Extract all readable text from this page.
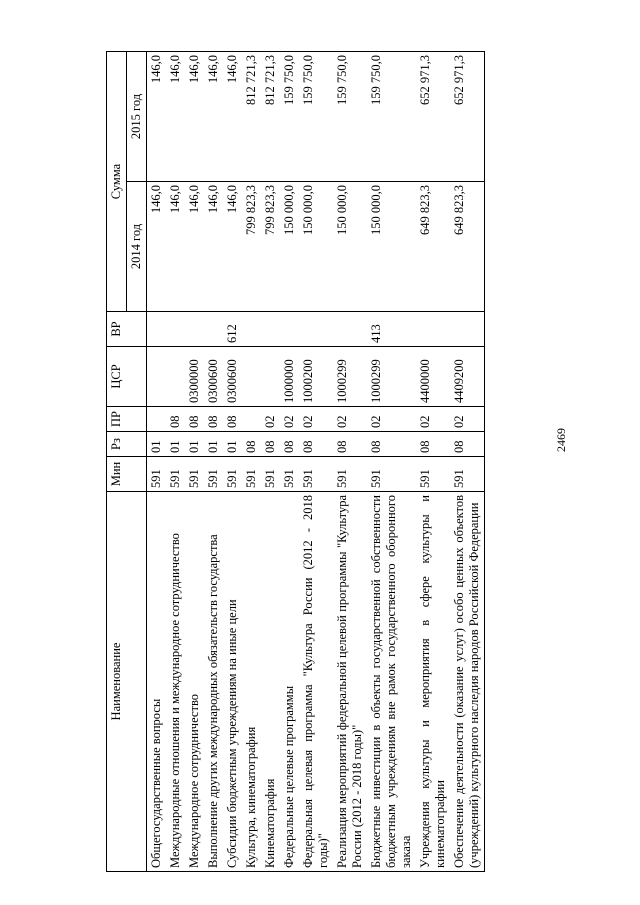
2469
Наименование	Мин	Рз	ПР	ЦСР	ВР	Сумма	
						2014 год	2015 год
Общегосударственные вопросы	591	01				146,0	146,0
Международные отношения и международное сотрудничество	591	01	08			146,0	146,0
Международное сотрудничество	591	01	08	0300000		146,0	146,0
Выполнение других международных обязательств государства	591	01	08	0300600		146,0	146,0
Субсидии бюджетным учреждениям на иные цели	591	01	08	0300600	612	146,0	146,0
Культура, кинематография	591	08				799 823,3	812 721,3
Кинематография	591	08	02			799 823,3	812 721,3
Федеральные целевые программы	591	08	02	1000000		150 000,0	159 750,0
Федеральная целевая программа "Культура России (2012 - 2018 годы)"	591	08	02	1000200		150 000,0	159 750,0
Реализация мероприятий федеральной целевой программы "Культура России (2012 - 2018 годы)"	591	08	02	1000299		150 000,0	159 750,0
Бюджетные инвестиции в объекты государственной собственности бюджетным учреждениям вне рамок государственного оборонного заказа	591	08	02	1000299	413	150 000,0	159 750,0
Учреждения культуры и мероприятия в сфере культуры и кинематографии	591	08	02	4400000		649 823,3	652 971,3
Обеспечение деятельности (оказание услуг) особо ценных объектов (учреждений) культурного наследия народов Российской Федерации	591	08	02	4409200		649 823,3	652 971,3
